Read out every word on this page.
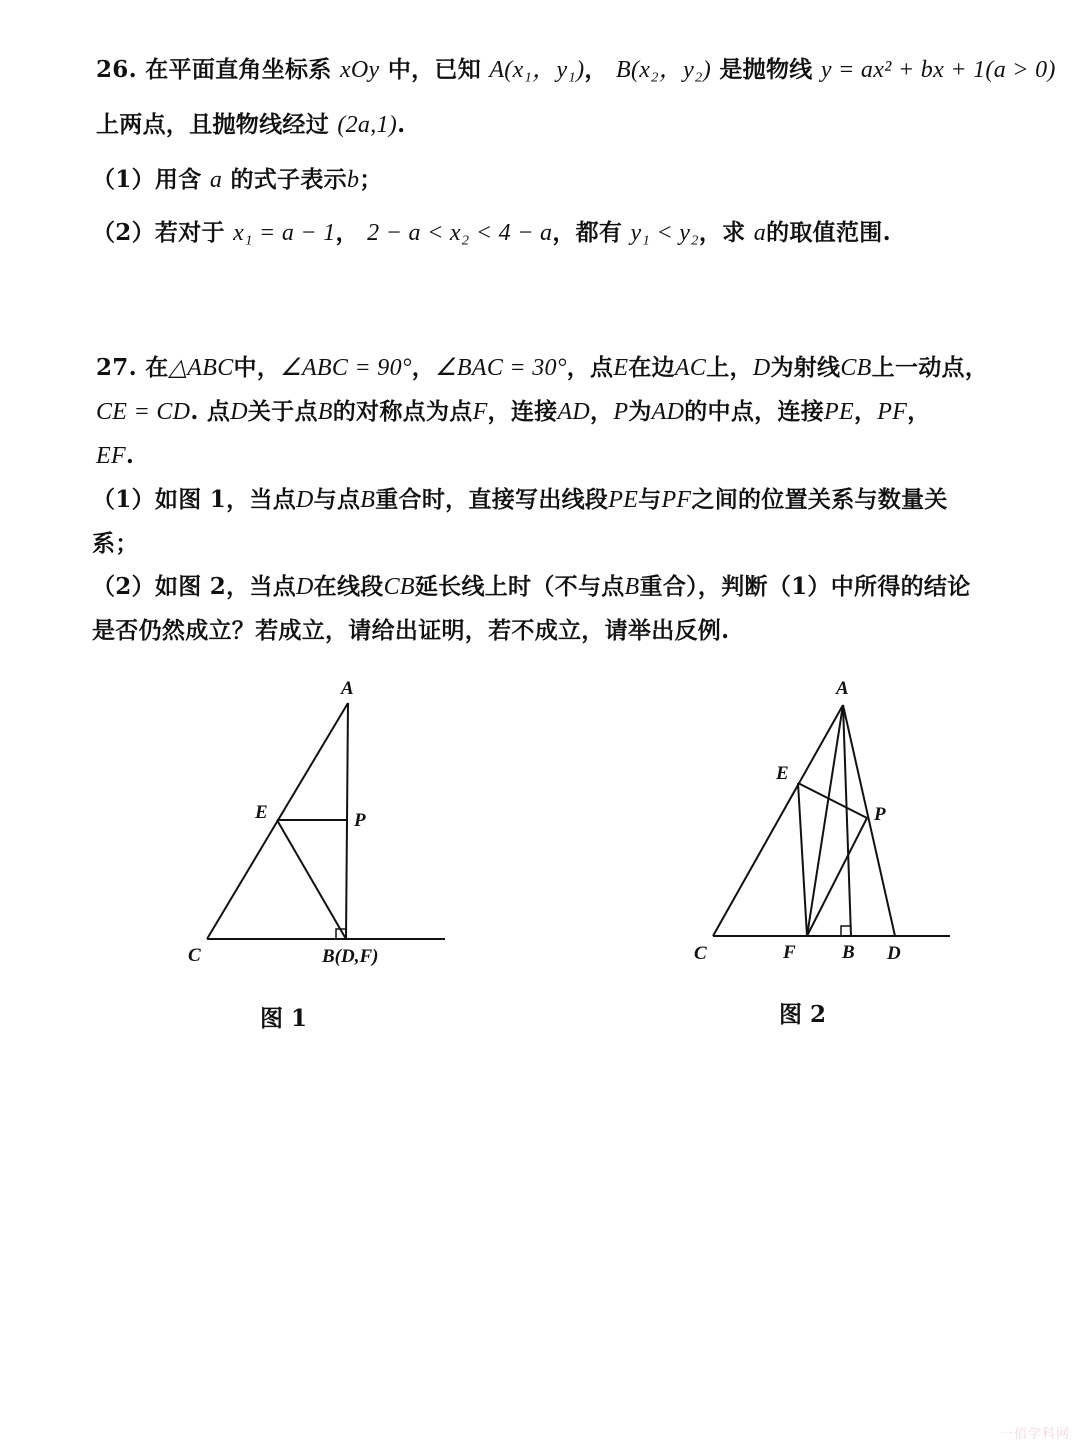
26. 在平面直角坐标系 xOy 中，已知 A(x₁，y₁)， B(x₂，y₂) 是抛物线 y = ax² + bx + 1(a > 0)
上两点，且抛物线经过 (2a,1).
（1）用含 a 的式子表示b；
（2）若对于 x₁ = a − 1， 2 − a < x₂ < 4 − a，都有 y₁ < y₂，求 a的取值范围.
27. 在△ABC中，∠ABC = 90°，∠BAC = 30°，点E在边AC上，D为射线CB上一动点，
CE = CD. 点D关于点B的对称点为点F，连接AD，P为AD的中点，连接PE，PF，
EF.
（1）如图 1，当点D与点B重合时，直接写出线段PE与PF之间的位置关系与数量关
系；
（2）如图 2，当点D在线段CB延长线上时（不与点B重合），判断（1）中所得的结论
是否仍然成立？若成立，请给出证明，若不成立，请举出反例.
A
E	P
C	B(D,F)
A
E
P
C	F B D
图 1	图 2
一佰学科网
